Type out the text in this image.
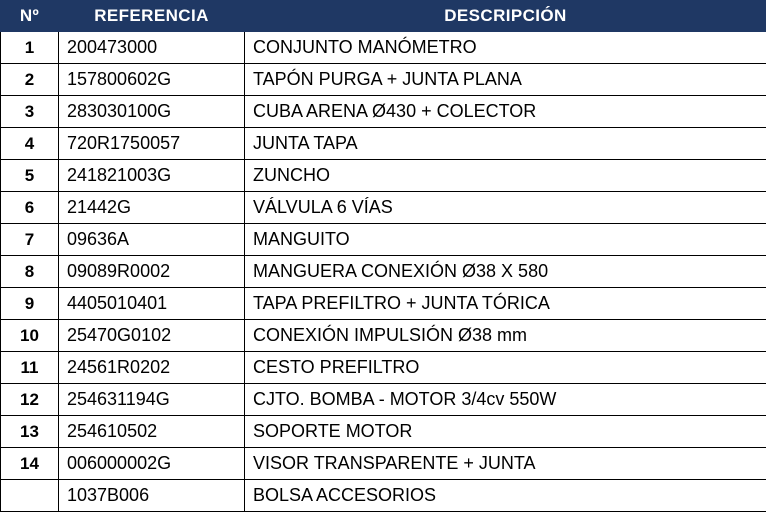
Nº	REFERENCIA	DESCRIPCIÓN
1	200473000	CONJUNTO MANÓMETRO
2	157800602G	TAPÓN PURGA + JUNTA PLANA
3	283030100G	CUBA ARENA Ø430 + COLECTOR
4	720R1750057	JUNTA TAPA
5	241821003G	ZUNCHO
6	21442G	VÁLVULA 6 VÍAS
7	09636A	MANGUITO
8	09089R0002	MANGUERA CONEXIÓN Ø38 X 580
9	4405010401	TAPA PREFILTRO + JUNTA TÓRICA
10	25470G0102	CONEXIÓN IMPULSIÓN Ø38 mm
11	24561R0202	CESTO PREFILTRO
12	254631194G	CJTO. BOMBA - MOTOR 3/4cv 550W
13	254610502	SOPORTE MOTOR
14	006000002G	VISOR TRANSPARENTE + JUNTA
	1037B006	BOLSA ACCESORIOS
